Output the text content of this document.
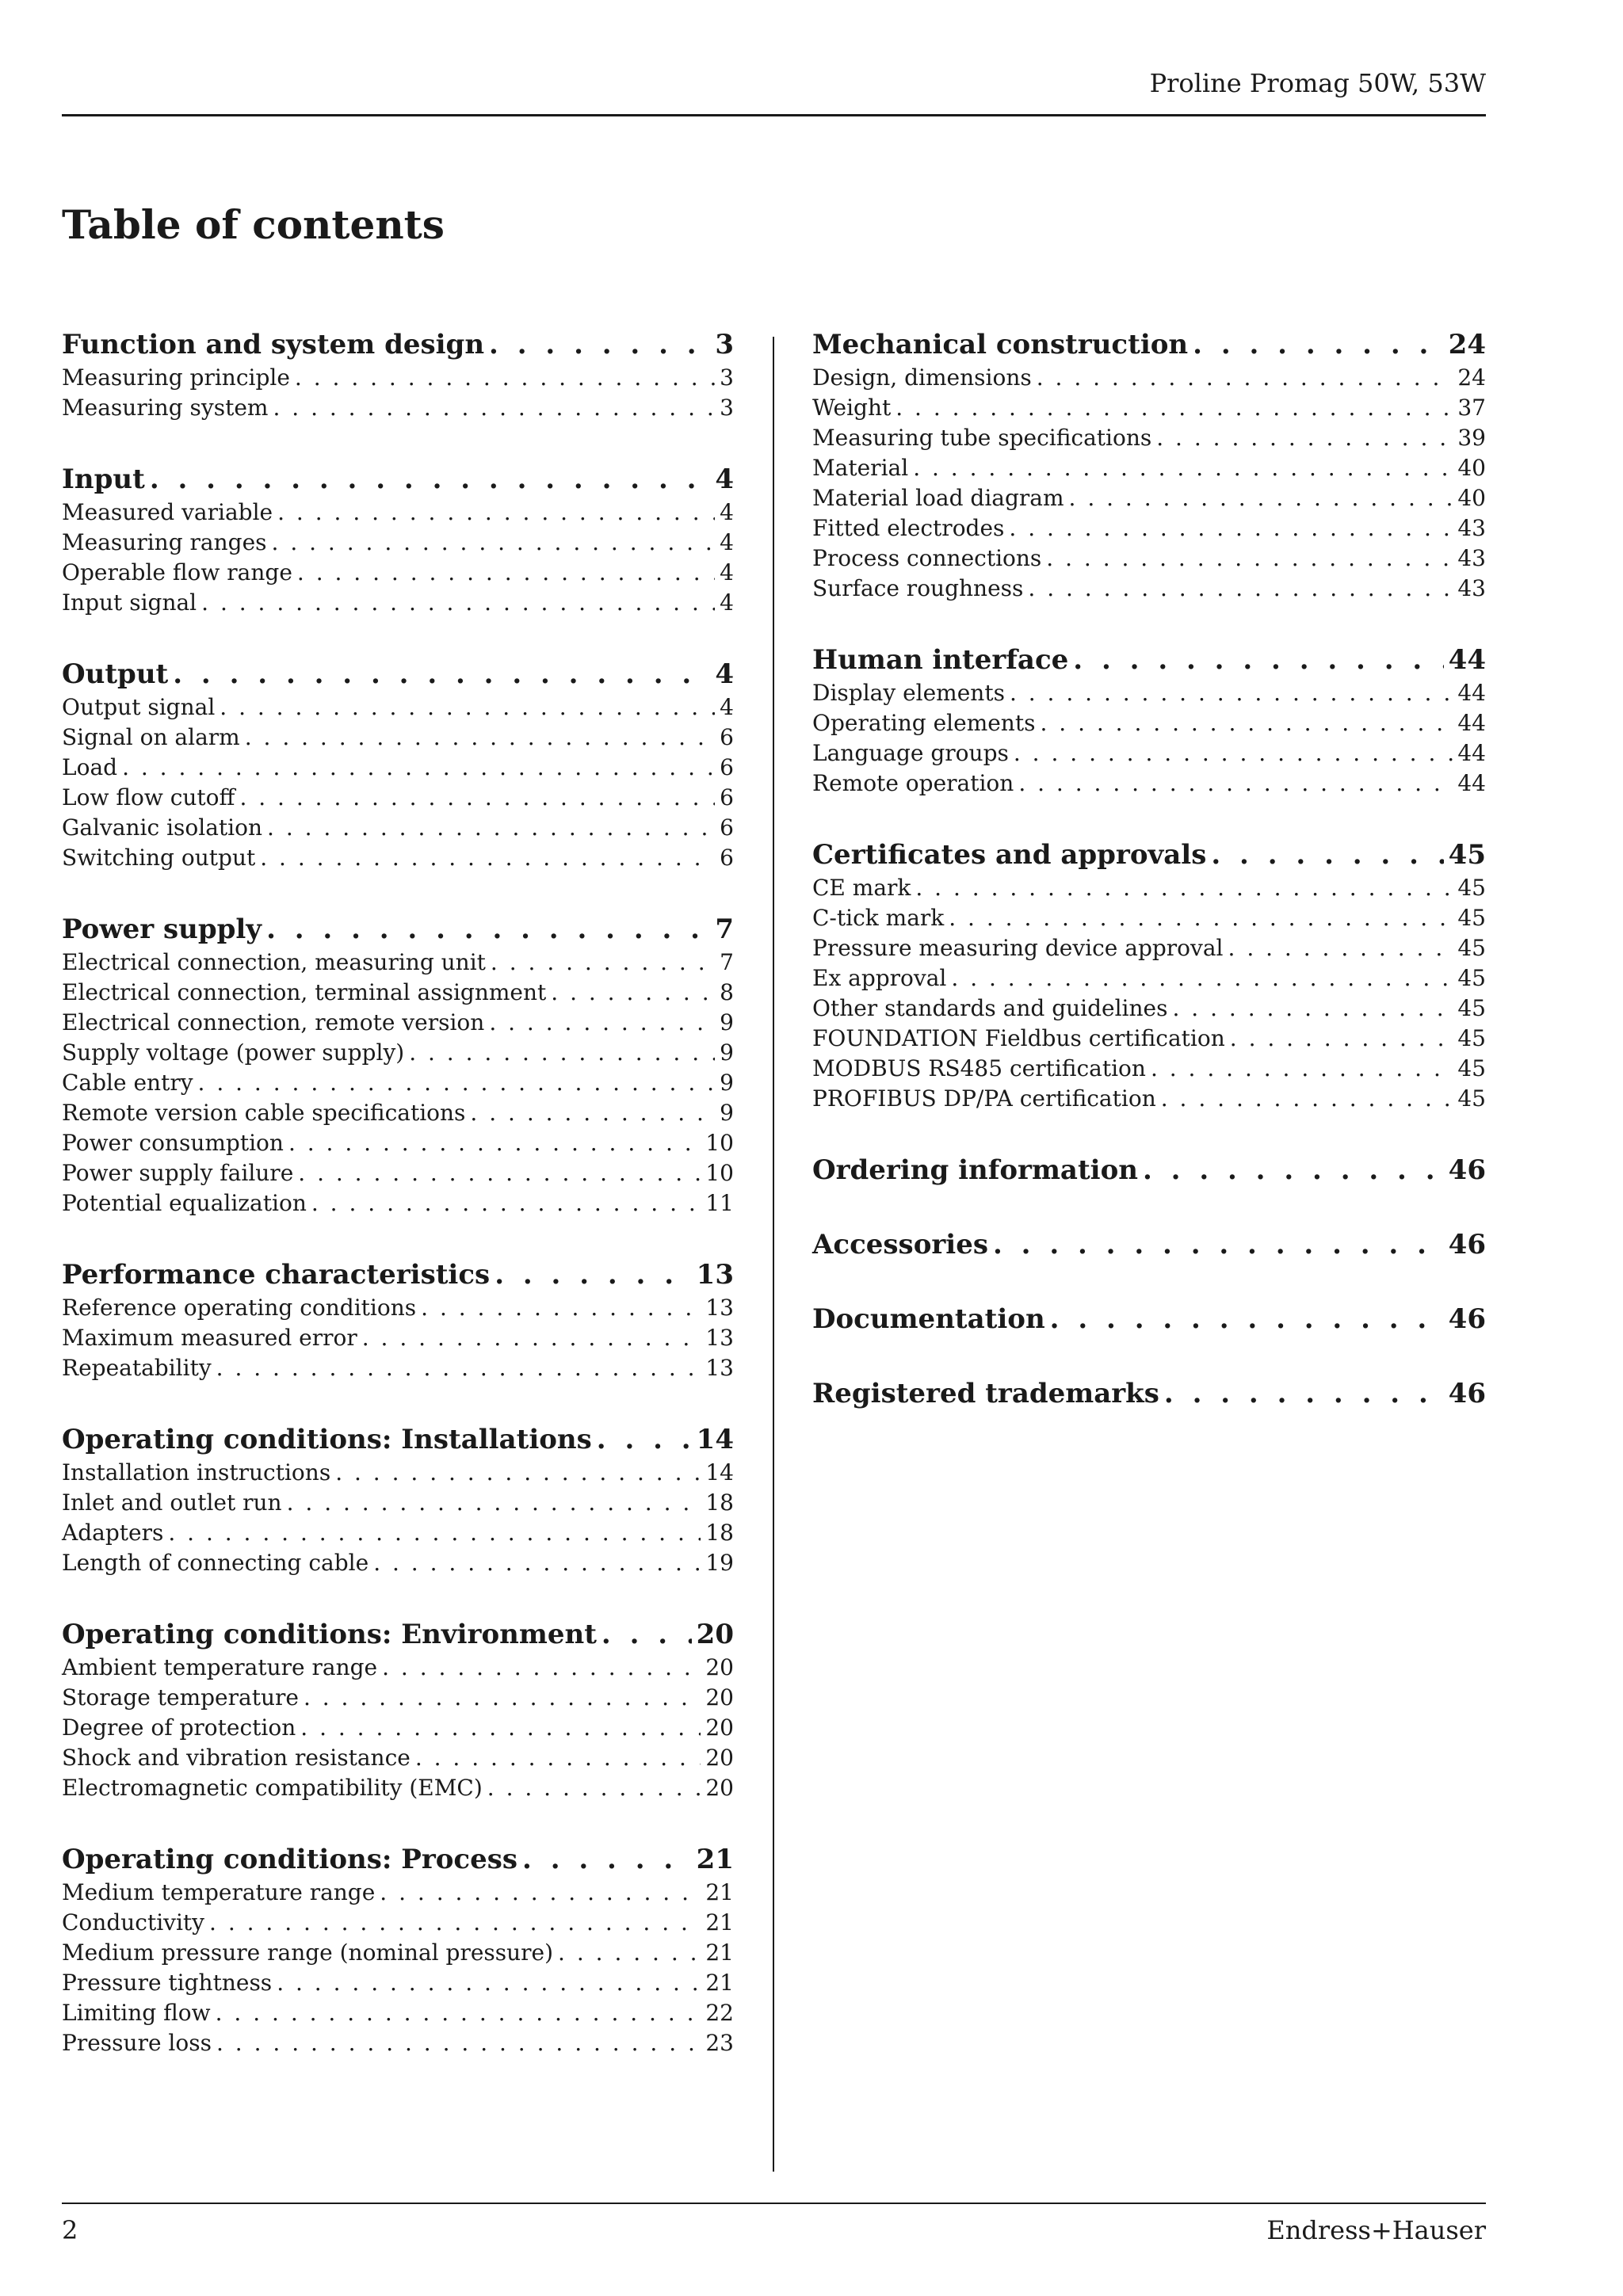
Proline Promag 50W, 53W
Table of contents
Function and system design . . .	3
Measuring principle . . .	3
Measuring system . . .	3
Input . . .	4
Measured variable . . .	4
Measuring ranges . . .	4
Operable flow range . . .	4
Input signal . . .	4
Output . . .	4
Output signal . . .	4
Signal on alarm . . .	6
Load . . .	6
Low flow cutoff . . .	6
Galvanic isolation . . .	6
Switching output . . .	6
Power supply . . .	7
Electrical connection, measuring unit . . .	7
Electrical connection, terminal assignment . . .	8
Electrical connection, remote version . . .	9
Supply voltage (power supply) . . .	9
Cable entry . . .	9
Remote version cable specifications . . .	9
Power consumption . . .	10
Power supply failure . . .	10
Potential equalization . . .	11
Performance characteristics . . .	13
Reference operating conditions . . .	13
Maximum measured error . . .	13
Repeatability . . .	13
Operating conditions: Installations . . .	14
Installation instructions . . .	14
Inlet and outlet run . . .	18
Adapters . . .	18
Length of connecting cable . . .	19
Operating conditions: Environment . . .	20
Ambient temperature range . . .	20
Storage temperature . . .	20
Degree of protection . . .	20
Shock and vibration resistance . . .	20
Electromagnetic compatibility (EMC) . . .	20
Operating conditions: Process . . .	21
Medium temperature range . . .	21
Conductivity . . .	21
Medium pressure range (nominal pressure) . . .	21
Pressure tightness . . .	21
Limiting flow . . .	22
Pressure loss . . .	23
Mechanical construction . . .	24
Design, dimensions . . .	24
Weight . . .	37
Measuring tube specifications . . .	39
Material . . .	40
Material load diagram . . .	40
Fitted electrodes . . .	43
Process connections . . .	43
Surface roughness . . .	43
Human interface . . .	44
Display elements . . .	44
Operating elements . . .	44
Language groups . . .	44
Remote operation . . .	44
Certificates and approvals . . .	45
CE mark . . .	45
C-tick mark . . .	45
Pressure measuring device approval . . .	45
Ex approval . . .	45
Other standards and guidelines . . .	45
FOUNDATION Fieldbus certification . . .	45
MODBUS RS485 certification . . .	45
PROFIBUS DP/PA certification . . .	45
Ordering information . . .	46
Accessories . . .	46
Documentation . . .	46
Registered trademarks . . .	46
2	Endress+Hauser
